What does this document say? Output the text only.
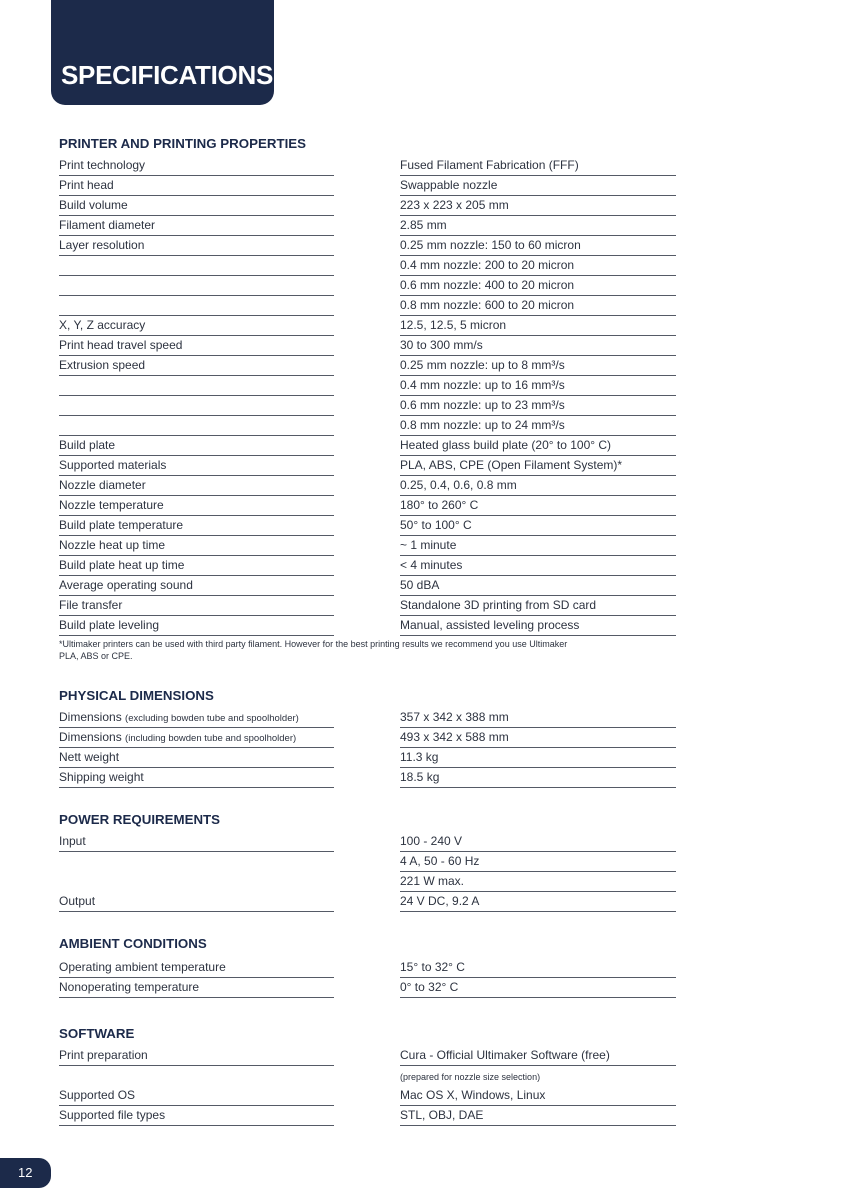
SPECIFICATIONS
PRINTER AND PRINTING PROPERTIES
Print technology	Fused Filament Fabrication (FFF)
Print head	Swappable nozzle
Build volume	223 x 223 x 205 mm
Filament diameter	2.85 mm
Layer resolution	0.25 mm nozzle: 150 to 60 micron
0.4 mm nozzle: 200 to 20 micron
0.6 mm nozzle: 400 to 20 micron
0.8 mm nozzle: 600 to 20 micron
X, Y, Z accuracy	12.5, 12.5, 5 micron
Print head travel speed	30 to 300 mm/s
Extrusion speed	0.25 mm nozzle: up to 8 mm³/s
0.4 mm nozzle: up to 16 mm³/s
0.6 mm nozzle: up to 23 mm³/s
0.8 mm nozzle: up to 24 mm³/s
Build plate	Heated glass build plate (20° to 100° C)
Supported materials	PLA, ABS, CPE (Open Filament System)*
Nozzle diameter	0.25, 0.4, 0.6, 0.8 mm
Nozzle temperature	180° to 260° C
Build plate temperature	50° to 100° C
Nozzle heat up time	~ 1 minute
Build plate heat up time	< 4 minutes
Average operating sound	50 dBA
File transfer	Standalone 3D printing from SD card
Build plate leveling	Manual, assisted leveling process
*Ultimaker printers can be used with third party filament. However for the best printing results we recommend you use Ultimaker PLA, ABS or CPE.
PHYSICAL DIMENSIONS
Dimensions (excluding bowden tube and spoolholder)	357 x 342 x 388 mm
Dimensions (including bowden tube and spoolholder)	493 x 342 x 588 mm
Nett weight	11.3 kg
Shipping weight	18.5 kg
POWER REQUIREMENTS
Input	100 - 240 V
4 A, 50 - 60 Hz
221 W max.
Output	24 V DC, 9.2 A
AMBIENT CONDITIONS
Operating ambient temperature	15° to 32° C
Nonoperating temperature	0° to 32° C
SOFTWARE
Print preparation	Cura - Official Ultimaker Software (free)
Supported OS	Mac OS X, Windows, Linux
Supported file types	STL, OBJ, DAE
(prepared for nozzle size selection)
12
